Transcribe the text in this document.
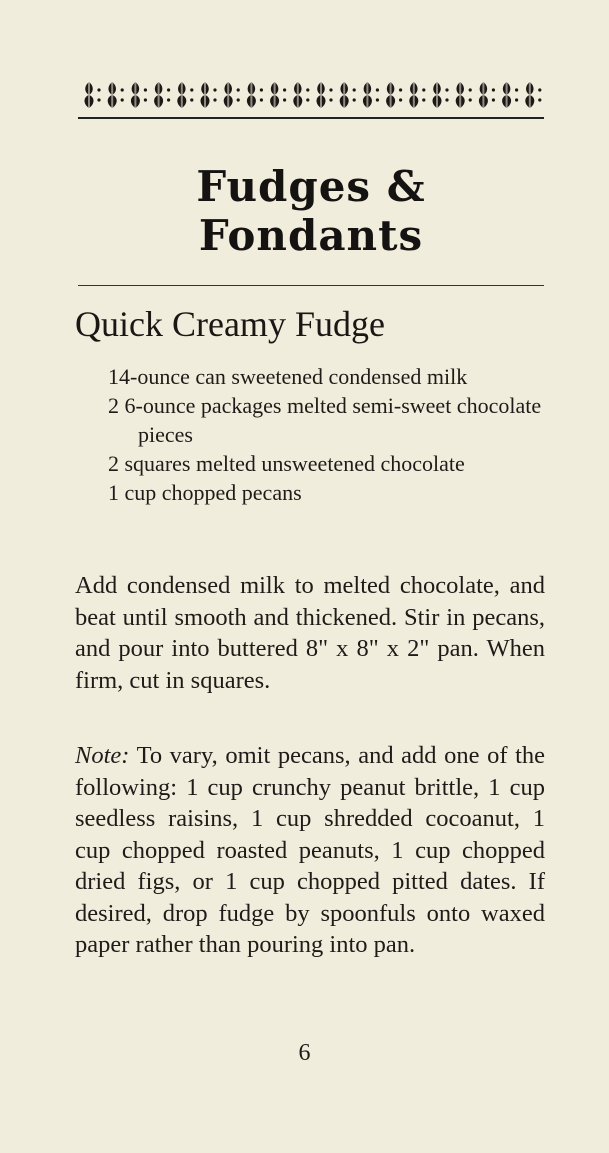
Fudges & Fondants
Quick Creamy Fudge
14-ounce can sweetened condensed milk
2 6-ounce packages melted semi-sweet chocolate pieces
2 squares melted unsweetened chocolate
1 cup chopped pecans

Add condensed milk to melted chocolate, and beat until smooth and thickened. Stir in pecans, and pour into buttered 8" x 8" x 2" pan. When firm, cut in squares.

Note: To vary, omit pecans, and add one of the following: 1 cup crunchy peanut brittle, 1 cup seedless raisins, 1 cup shredded cocoanut, 1 cup chopped roasted peanuts, 1 cup chopped dried figs, or 1 cup chopped pitted dates. If desired, drop fudge by spoonfuls onto waxed paper rather than pouring into pan.

6
